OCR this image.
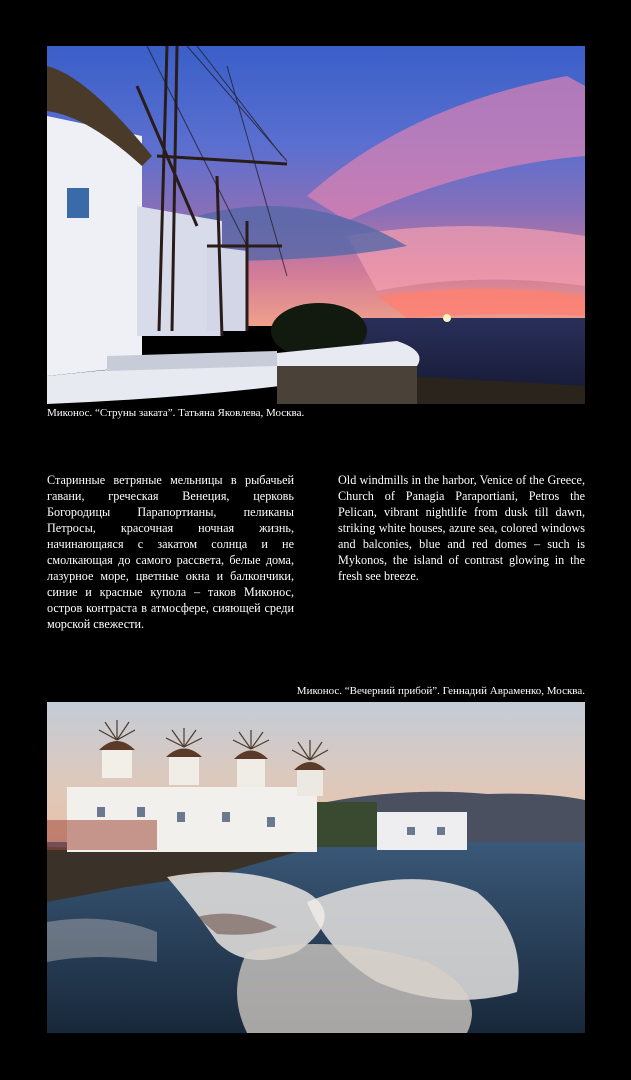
Миконос. “Струны заката”. Татьяна Яковлева, Москва.
Старинные ветряные мельницы в рыбачьей гавани, греческая Венеция, церковь Богородицы Парапортианы, пеликаны Петросы, красочная ночная жизнь, начинающаяся с закатом солнца и не смолкающая до самого рассвета, белые дома, лазурное море, цветные окна и балкончики, синие и красные купола – таков Миконос, остров контраста в атмосфере, сияющей среди морской свежести.
Old windmills in the harbor, Venice of the Greece, Church of Panagia Paraportiani, Petros the Pelican, vibrant nightlife from dusk till dawn, striking white houses, azure sea, colored windows and balconies, blue and red domes – such is Mykonos, the island of contrast glowing in the fresh see breeze.
Миконос. “Вечерний прибой”. Геннадий Авраменко, Москва.
